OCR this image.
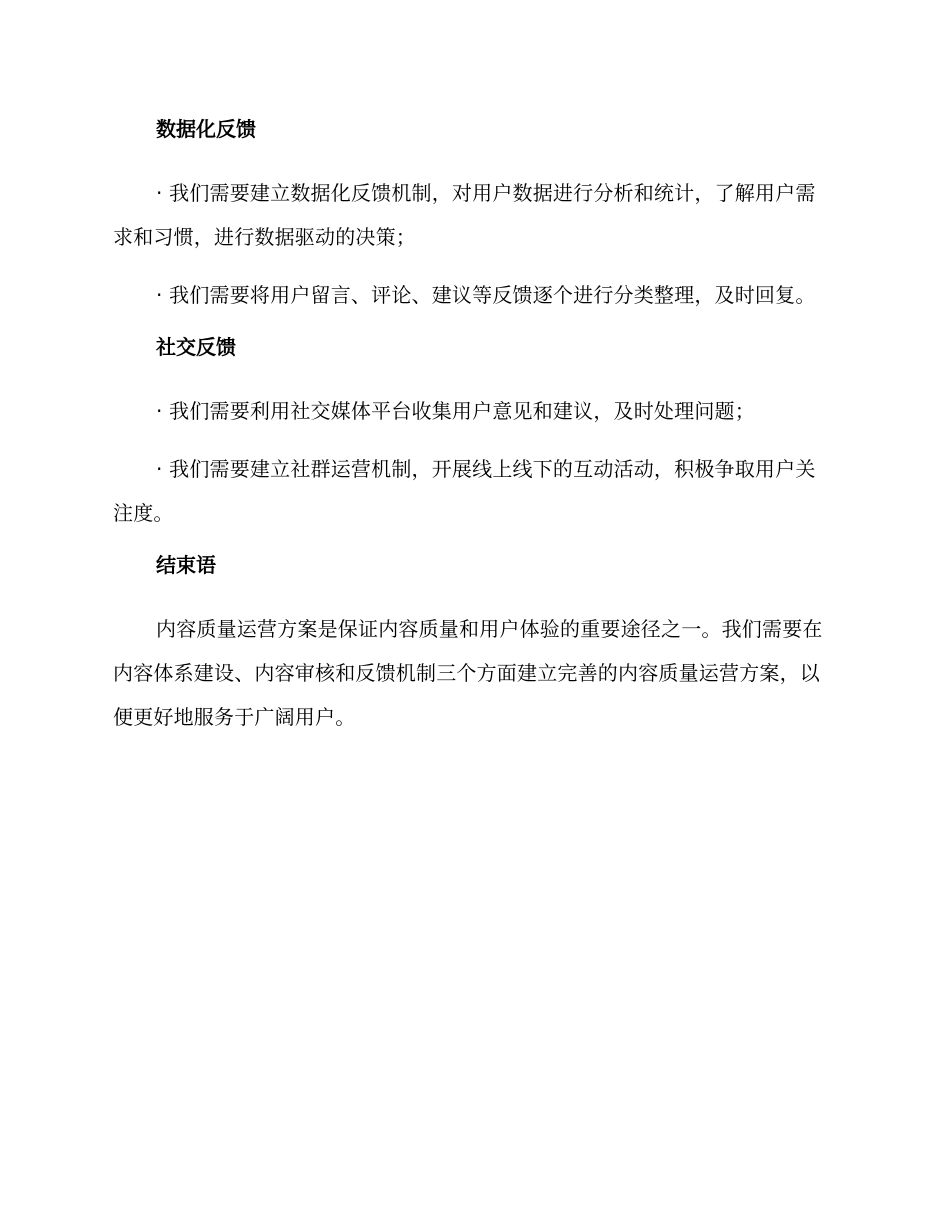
数据化反馈

· 我们需要建立数据化反馈机制，对用户数据进行分析和统计，了解用户需求和习惯，进行数据驱动的决策；

· 我们需要将用户留言、评论、建议等反馈逐个进行分类整理，及时回复。

社交反馈

· 我们需要利用社交媒体平台收集用户意见和建议，及时处理问题；

· 我们需要建立社群运营机制，开展线上线下的互动活动，积极争取用户关注度。

结束语

内容质量运营方案是保证内容质量和用户体验的重要途径之一。我们需要在内容体系建设、内容审核和反馈机制三个方面建立完善的内容质量运营方案，以便更好地服务于广阔用户。
